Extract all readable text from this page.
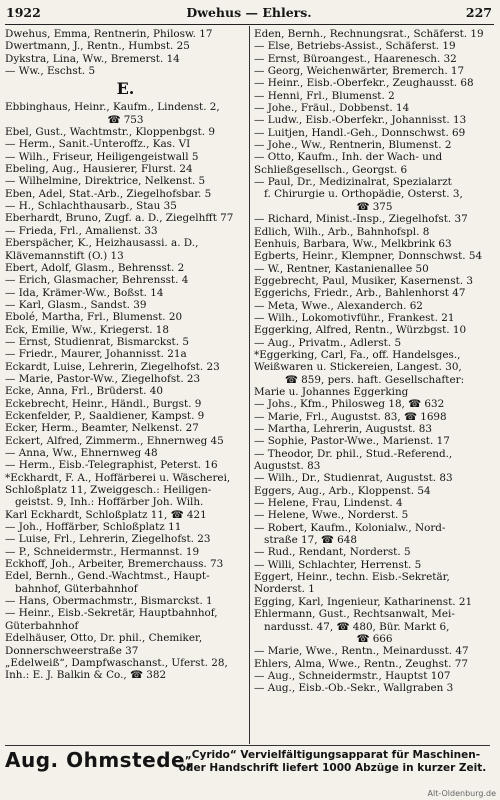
1922	Dwehus — Ehlers.	227
Dwehus, Emma, Rentnerin, Philosw. 17
Dwertmann, J., Rentn., Humbst. 25
Dykstra, Lina, Ww., Bremerst. 14
— Ww., Eschst. 5
E.
Ebbinghaus, Heinr., Kaufm., Lindenst. 2,
☎ 753
Ebel, Gust., Wachtmstr., Kloppenbgst. 9
— Herm., Sanit.-Unteroffz., Kas. VI
— Wilh., Friseur, Heiligengeistwall 5
Ebeling, Aug., Hausierer, Flurst. 24
— Wilhelmine, Direktrice, Nelkenst. 5
Eben, Adel, Stat.-Arb., Ziegelhofsbar. 5
— H., Schlachthausarb., Stau 35
Eberhardt, Bruno, Zugf. a. D., Ziegelhfft 77
— Frieda, Frl., Amalienst. 33
Eberspächer, K., Heizhausassi. a. D.,
Klävemannstift (O.) 13
Ebert, Adolf, Glasm., Behrensst. 2
— Erich, Glasmacher, Behrensst. 4
— Ida, Krämer-Ww., Boßst. 14
— Karl, Glasm., Sandst. 39
Ebolé, Martha, Frl., Blumenst. 20
Eck, Emilie, Ww., Kriegerst. 18
— Ernst, Studienrat, Bismarckst. 5
— Friedr., Maurer, Johannisst. 21a
Eckardt, Luise, Lehrerin, Ziegelhofst. 23
— Marie, Pastor-Ww., Ziegelhofst. 23
Ecke, Anna, Frl., Brüderst. 40
Eckebrecht, Heinr., Händl., Burgst. 9
Eckenfelder, P., Saaldiener, Kampst. 9
Ecker, Herm., Beamter, Nelkenst. 27
Eckert, Alfred, Zimmerm., Ehnernweg 45
— Anna, Ww., Ehnernweg 48
— Herm., Eisb.-Telegraphist, Peterst. 16
*Eckhardt, F. A., Hoffärberei u. Wäscherei,
Schloßplatz 11, Zweiggesch.: Heiligen-
geistst. 9, Inh.: Hoffärber Joh. Wilh.
Karl Eckhardt, Schloßplatz 11, ☎ 421
— Joh., Hoffärber, Schloßplatz 11
— Luise, Frl., Lehrerin, Ziegelhofst. 23
— P., Schneidermstr., Hermannst. 19
Eckhoff, Joh., Arbeiter, Bremerchauss. 73
Edel, Bernh., Gend.-Wachtmst., Haupt-
bahnhof, Güterbahnhof
— Hans, Obermachmstr., Bismarckst. 1
— Heinr., Eisb.-Sekretär, Hauptbahnhof,
Güterbahnhof
Edelhäuser, Otto, Dr. phil., Chemiker,
Donnerschweerstraße 37
„Edelweiß“, Dampfwaschanst., Uferst. 28,
Inh.: E. J. Balkin & Co., ☎ 382
Eden, Bernh., Rechnungsrat., Schäferst. 19
— Else, Betriebs-Assist., Schäferst. 19
— Ernst, Büroangest., Haarenesch. 32
— Georg, Weichenwärter, Bremerch. 17
— Heinr., Eisb.-Oberfekr., Zeughausst. 68
— Henni, Frl., Blumenst. 2
— Johe., Fräul., Dobbenst. 14
— Ludw., Eisb.-Oberfekr., Johannisst. 13
— Luitjen, Handl.-Geh., Donnschwst. 69
— Johe., Ww., Rentnerin, Blumenst. 2
— Otto, Kaufm., Inh. der Wach- und
Schließgesellsch., Georgst. 6
— Paul, Dr., Medizinalrat, Spezialarzt
f. Chirurgie u. Orthopädie, Osterst. 3,
☎ 375
— Richard, Minist.-Insp., Ziegelhofst. 37
Edlich, Wilh., Arb., Bahnhofspl. 8
Eenhuis, Barbara, Ww., Melkbrink 63
Egberts, Heinr., Klempner, Donnschwst. 54
— W., Rentner, Kastanienallee 50
Eggebrecht, Paul, Musiker, Kasernenst. 3
Eggerichs, Friedr., Arb., Bahlenhorst 47
— Meta, Wwe., Alexanderch. 62
— Wilh., Lokomotivführ., Frankest. 21
Eggerking, Alfred, Rentn., Würzbgst. 10
— Aug., Privatm., Adlerst. 5
*Eggerking, Carl, Fa., off. Handelsges.,
Weißwaren u. Stickereien, Langest. 30,
☎ 859, pers. haft. Gesellschafter:
Marie u. Johannes Eggerking
— Johs., Kfm., Philosweg 18, ☎ 632
— Marie, Frl., Augustst. 83, ☎ 1698
— Martha, Lehrerin, Augustst. 83
— Sophie, Pastor-Wwe., Marienst. 17
— Theodor, Dr. phil., Stud.-Referend.,
Augustst. 83
— Wilh., Dr., Studienrat, Augustst. 83
Eggers, Aug., Arb., Kloppenst. 54
— Helene, Frau, Lindenst. 4
— Helene, Wwe., Norderst. 5
— Robert, Kaufm., Kolonialw., Nord-
straße 17, ☎ 648
— Rud., Rendant, Norderst. 5
— Willi, Schlachter, Herrenst. 5
Eggert, Heinr., techn. Eisb.-Sekretär,
Norderst. 1
Egging, Karl, Ingenieur, Katharinenst. 21
Ehlermann, Gust., Rechtsanwalt, Mei-
nardusst. 47, ☎ 480, Bür. Markt 6,
☎ 666
— Marie, Wwe., Rentn., Meinardusst. 47
Ehlers, Alma, Wwe., Rentn., Zeughst. 77
— Aug., Schneidermstr., Hauptst 107
— Aug., Eisb.-Ob.-Sekr., Wallgraben 3
Aug. Ohmstede,
„Cyrido“ Vervielfältigungsapparat für Maschinen- oder Handschrift liefert 1000 Abzüge in kurzer Zeit.
Alt-Oldenburg.de
